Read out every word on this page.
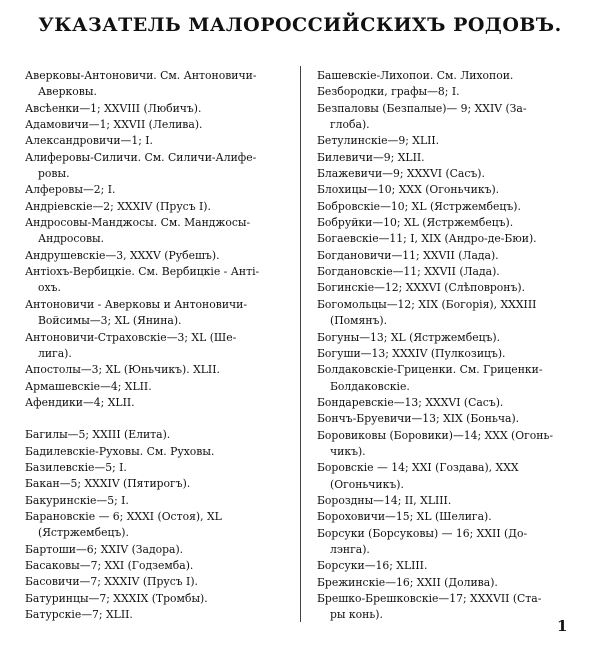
УКАЗАТЕЛЬ МАЛОРОССИЙСКИХЪ РОДОВЪ.
Аверковы-Антоновичи. См. Антоновичи-
Аверковы.
Авсѣенки—1; XXVIII (Любичъ).
Адамовичи—1; XXVII (Лелива).
Александровичи—1; I.
Алиферовы-Силичи. См. Силичи-Алифе-
ровы.
Алферовы—2; I.
Андріевскіе—2; XXXIV (Прусъ I).
Андросовы-Манджосы. См. Манджосы-
Андросовы.
Андрушевскіе—3, XXXV (Рубешъ).
Антіохъ-Вербицкіе. См. Вербицкіе - Анті-
охъ.
Антоновичи - Аверковы и Антоновичи-
Войсимы—3; XL (Янина).
Антоновичи-Страховскіе—3; XL (Ше-
лига).
Апостолы—3; XL (Юньчикъ). XLII.
Армашевскіе—4; XLII.
Афендики—4; XLII.
Багилы—5; XXIII (Елита).
Бадилевскіе-Руховы. См. Руховы.
Базилевскіе—5; I.
Бакан—5; XXXIV (Пятирогъ).
Бакуринскіе—5; I.
Барановскіе — 6; XXXI (Остоя), XL
(Ястржембецъ).
Бартоши—6; XXIV (Задора).
Басаковы—7; XXI (Годземба).
Басовичи—7; XXXIV (Прусъ I).
Батуринцы—7; XXXIX (Тромбы).
Батурскіе—7; XLII.
Башевскіе-Лихопои. См. Лихопои.
Безбородки, графы—8; I.
Безпаловы (Безпалые)— 9; XXIV (За-
глоба).
Бетулинскіе—9; XLII.
Билевичи—9; XLII.
Блажевичи—9; XXXVI (Сасъ).
Блохицы—10; XXX (Огоньчикъ).
Бобровскіе—10; XL (Ястржембецъ).
Бобруйки—10; XL (Ястржембецъ).
Богаевскіе—11; I, XIX (Андро-де-Бюи).
Богдановичи—11; XXVII (Лада).
Богдановскіе—11; XXVII (Лада).
Богинскіе—12; XXXVI (Слѣповронъ).
Богомольцы—12; XIX (Богорія), XXXIII
(Помянъ).
Богуны—13; XL (Ястржембецъ).
Богуши—13; XXXIV (Пулкозицъ).
Болдаковскіе-Гриценки. См. Гриценки-
Болдаковскіе.
Бондаревскіе—13; XXXVI (Сасъ).
Бончъ-Бруевичи—13; XIX (Боньча).
Боровиковы (Боровики)—14; XXX (Огонь-
чикъ).
Боровскіе — 14; XXI (Гоздава), XXX
(Огоньчикъ).
Бороздны—14; II, XLIII.
Бороховичи—15; XL (Шелига).
Борсуки (Борсуковы) — 16; XXII (До-
лэнга).
Борсуки—16; XLIII.
Брежинскіе—16; XXII (Долива).
Брешко-Брешковскіе—17; XXXVII (Ста-
ры конь).
1
